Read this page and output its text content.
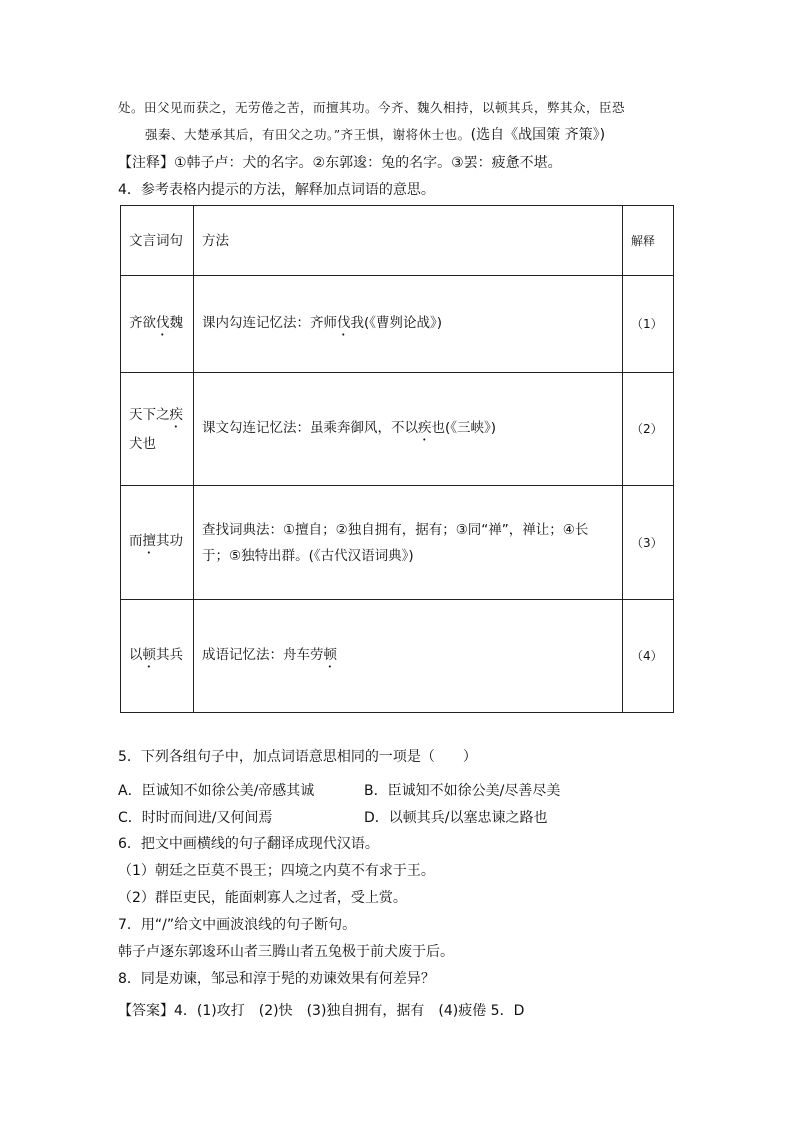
处。田父见而获之，无劳倦之苦，而擅其功。今齐、魏久相持，以顿其兵，弊其众，臣恐
强秦、大楚承其后，有田父之功。”齐王惧，谢将休士也。(选自《战国策 齐策》)
【注释】①韩子卢：犬的名字。②东郭逡：兔的名字。③罢：疲惫不堪。
4．参考表格内提示的方法，解释加点词语的意思。
文言词句	方法	解释
齐欲伐魏	课内勾连记忆法：齐师伐我(《曹刿论战》)	（1）
天下之疾犬也	课文勾连记忆法：虽乘奔御风，不以疾也(《三峡》)	（2）
而擅其功	查找词典法：①擅自；②独自拥有，据有；③同“禅”，禅让；④长于；⑤独特出群。(《古代汉语词典》)	（3）
以顿其兵	成语记忆法：舟车劳顿	（4）
5．下列各组句子中，加点词语意思相同的一项是（　　）
A．臣诚知不如徐公美/帝感其诚	B．臣诚知不如徐公美/尽善尽美
C．时时而间进/又何间焉	D．以顿其兵/以塞忠谏之路也
6．把文中画横线的句子翻译成现代汉语。
（1）朝廷之臣莫不畏王；四境之内莫不有求于王。
（2）群臣吏民，能面刺寡人之过者，受上赏。
7．用“/”给文中画波浪线的句子断句。
韩子卢逐东郭逡环山者三腾山者五兔极于前犬废于后。
8．同是劝谏，邹忌和淳于髡的劝谏效果有何差异？
【答案】4．(1)攻打　(2)快　(3)独自拥有，据有　(4)疲倦 5．D
